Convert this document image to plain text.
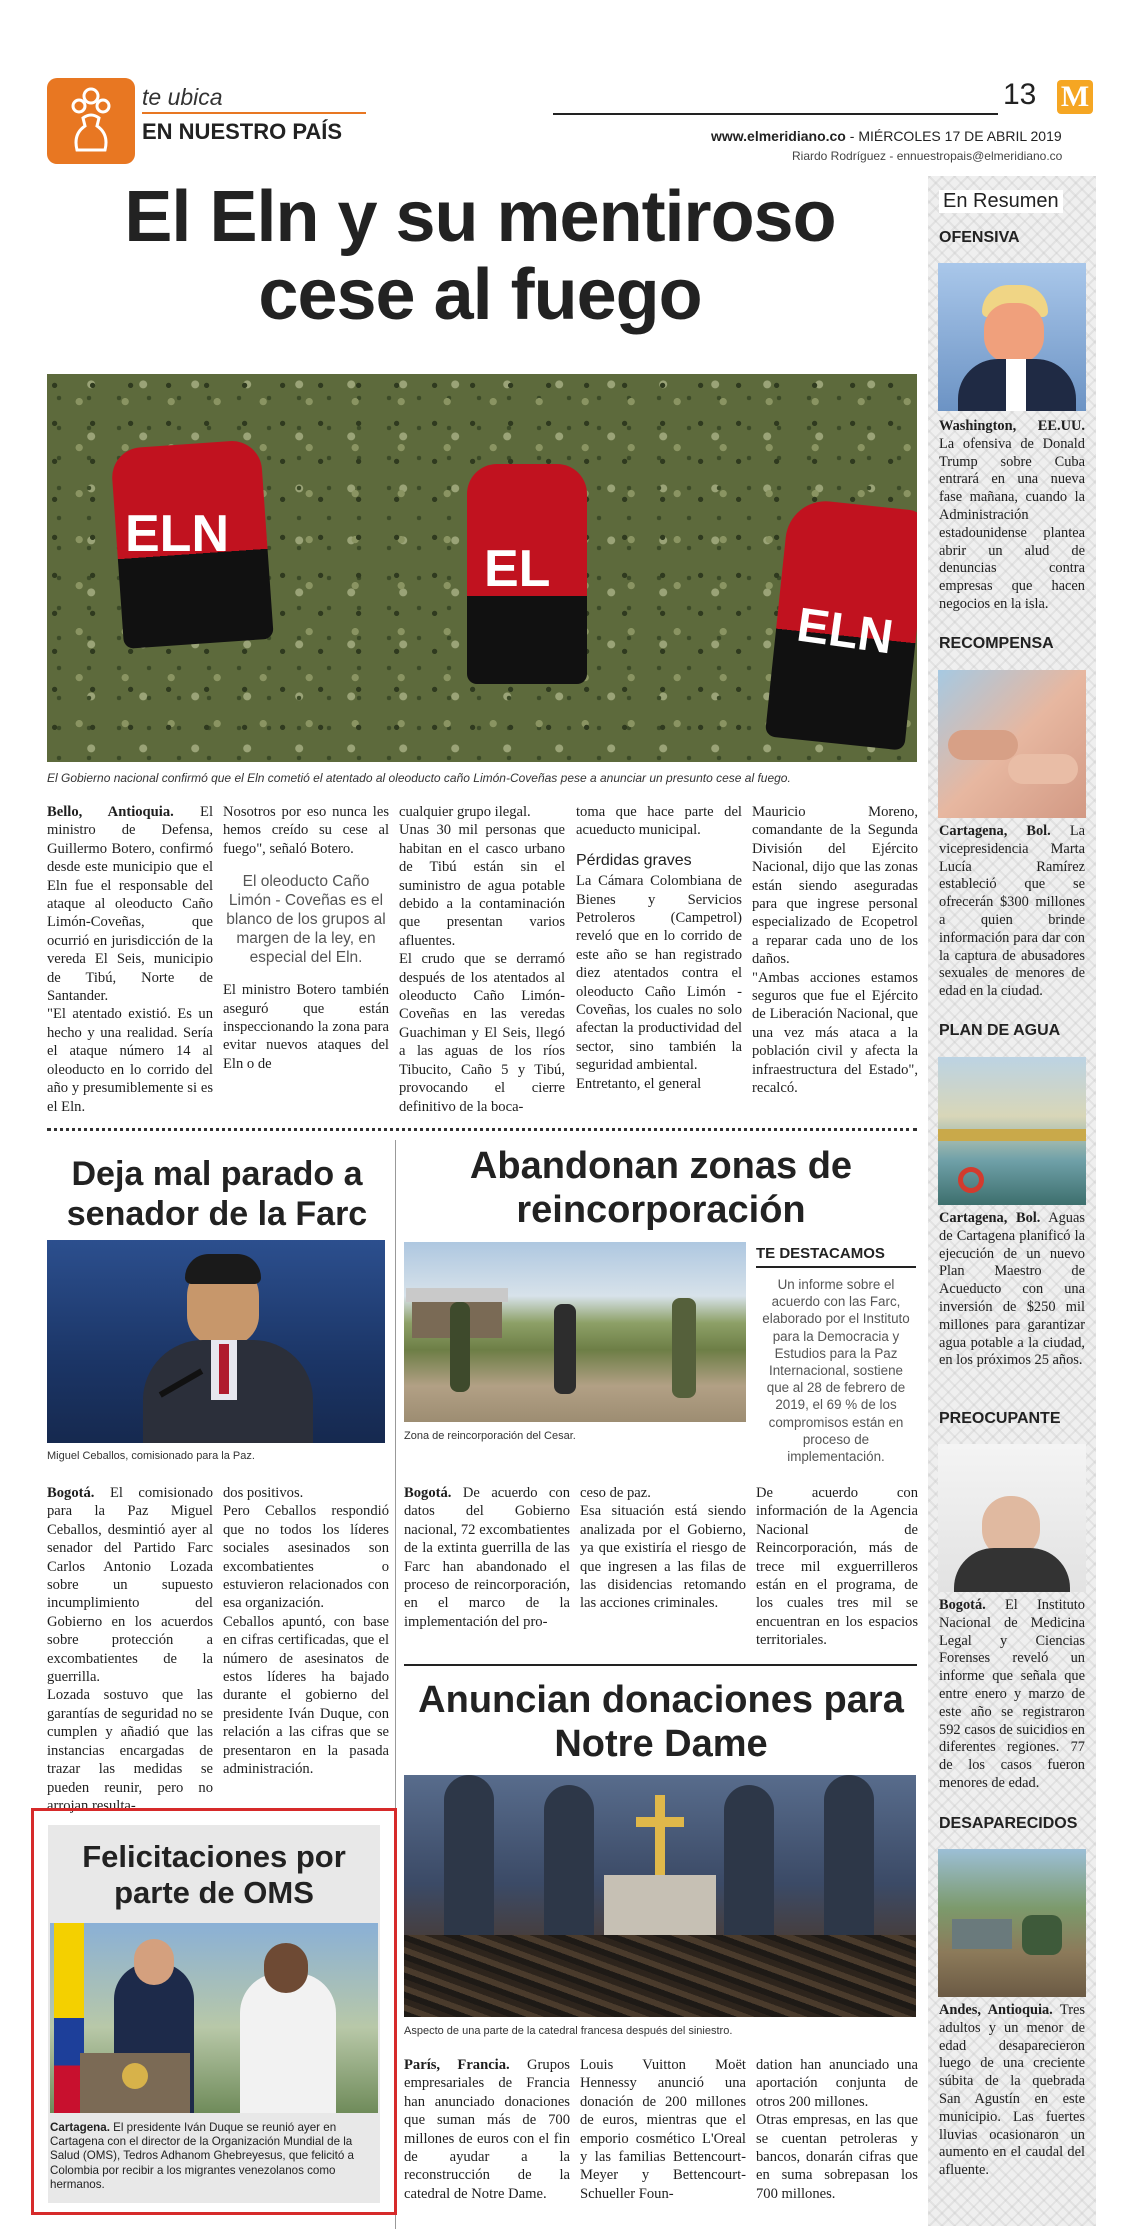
te ubica
EN NUESTRO PAÍS
13 M
www.elmeridiano.co - MIÉRCOLES 17 DE ABRIL 2019
Riardo Rodríguez - ennuestropais@elmeridiano.co
El Eln y su mentiroso
cese al fuego
ELN
EL
ELN
El Gobierno nacional confirmó que el Eln cometió el atentado al oleoducto caño Limón-Coveñas pese a anunciar un presunto cese al fuego.

Bello, Antioquia. El ministro de Defensa, Guillermo Botero, confirmó desde este municipio que el Eln fue el responsable del ataque al oleoducto Caño Limón-Coveñas, que ocurrió en jurisdicción de la vereda El Seis, municipio de Tibú, Norte de Santander.

"El atentado existió. Es un hecho y una realidad. Sería el ataque número 14 al oleoducto en lo corrido del año y presumiblemente si es el Eln.

Nosotros por eso nunca les hemos creído su cese al fuego", señaló Botero.

El oleoducto Caño Limón - Coveñas es el blanco de los grupos al margen de la ley, en especial del Eln.

El ministro Botero también aseguró que están inspeccionando la zona para evitar nuevos ataques del Eln o de

cualquier grupo ilegal.

Unas 30 mil personas que habitan en el casco urbano de Tibú están sin el suministro de agua potable debido a la contaminación que presentan varios afluentes.

El crudo que se derramó después de los atentados al oleoducto Caño Limón-Coveñas en las veredas Guachiman y El Seis, llegó a las aguas de los ríos Tibucito, Caño 5 y Tibú, provocando el cierre definitivo de la boca-

toma que hace parte del acueducto municipal.

Pérdidas graves

La Cámara Colombiana de Bienes y Servicios Petroleros (Campetrol) reveló que en lo corrido de este año se han registrado diez atentados contra el oleoducto Caño Limón - Coveñas, los cuales no solo afectan la productividad del sector, sino también la seguridad ambiental.

Entretanto, el general

Mauricio Moreno, comandante de la Segunda División del Ejército Nacional, dijo que las zonas están siendo aseguradas para que ingrese personal especializado de Ecopetrol a reparar cada uno de los daños.

"Ambas acciones estamos seguros que fue el Ejército de Liberación Nacional, que una vez más ataca a la población civil y afecta la infraestructura del Estado", recalcó.

Deja mal parado a senador de la Farc
Miguel Ceballos, comisionado para la Paz.

Bogotá. El comisionado para la Paz Miguel Ceballos, desmintió ayer al senador del Partido Farc Carlos Antonio Lozada sobre un supuesto incumplimiento del Gobierno en los acuerdos sobre protección a excombatientes de la guerrilla.

Lozada sostuvo que las garantías de seguridad no se cumplen y añadió que las instancias encargadas de trazar las medidas se pueden reunir, pero no arrojan resulta-

dos positivos.

Pero Ceballos respondió que no todos los líderes sociales asesinados son excombatientes o estuvieron relacionados con esa organización.

Ceballos apuntó, con base en cifras certificadas, que el número de asesinatos de estos líderes ha bajado durante el gobierno del presidente Iván Duque, con relación a las cifras que se presentaron en la pasada administración.

Felicitaciones por parte de OMS
Cartagena. El presidente Iván Duque se reunió ayer en Cartagena con el director de la Organización Mundial de la Salud (OMS), Tedros Adhanom Ghebreyesus, que felicitó a Colombia por recibir a los migrantes venezolanos como hermanos.
Abandonan zonas de reincorporación
Zona de reincorporación del Cesar.
TE DESTACAMOS
Un informe sobre el acuerdo con las Farc, elaborado por el Instituto para la Democracia y Estudios para la Paz Internacional, sostiene que al 28 de febrero de 2019, el 69 % de los compromisos están en proceso de implementación.

Bogotá. De acuerdo con datos del Gobierno nacional, 72 excombatientes de la extinta guerrilla de las Farc han abandonado el proceso de reincorporación, en el marco de la implementación del pro-

ceso de paz.

Esa situación está siendo analizada por el Gobierno, ya que existiría el riesgo de que ingresen a las filas de las disidencias retomando las acciones criminales.

De acuerdo con información de la Agencia Nacional de Reincorporación, más de trece mil exguerrilleros están en el programa, de los cuales tres mil se encuentran en los espacios territoriales.

Anuncian donaciones para Notre Dame
Aspecto de una parte de la catedral francesa después del siniestro.

París, Francia. Grupos empresariales de Francia han anunciado donaciones que suman más de 700 millones de euros con el fin de ayudar a la reconstrucción de la catedral de Notre Dame.

Louis Vuitton Moët Hennessy anunció una donación de 200 millones de euros, mientras que el emporio cosmético L'Oreal y las familias Bettencourt-Meyer y Bettencourt-Schueller Foun-

dation han anunciado una aportación conjunta de otros 200 millones.

Otras empresas, en las que se cuentan petroleras y bancos, donarán cifras que en suma sobrepasan los 700 millones.

En Resumen
OFENSIVA
Washington, EE.UU. La ofensiva de Donald Trump sobre Cuba entrará en una nueva fase mañana, cuando la Administración estadounidense plantea abrir un alud de denuncias contra empresas que hacen negocios en la isla.
RECOMPENSA
Cartagena, Bol. La vicepresidencia Marta Lucía Ramírez estableció que se ofrecerán $300 millones a quien brinde información para dar con la captura de abusadores sexuales de menores de edad en la ciudad.
PLAN DE AGUA
Cartagena, Bol. Aguas de Cartagena planificó la ejecución de un nuevo Plan Maestro de Acueducto con una inversión de $250 mil millones para garantizar agua potable a la ciudad, en los próximos 25 años.
PREOCUPANTE
Bogotá. El Instituto Nacional de Medicina Legal y Ciencias Forenses reveló un informe que señala que entre enero y marzo de este año se registraron 592 casos de suicidios en diferentes regiones. 77 de los casos fueron menores de edad.
DESAPARECIDOS
Andes, Antioquia. Tres adultos y un menor de edad desaparecieron luego de una creciente súbita de la quebrada San Agustín en este municipio. Las fuertes lluvias ocasionaron un aumento en el caudal del afluente.
